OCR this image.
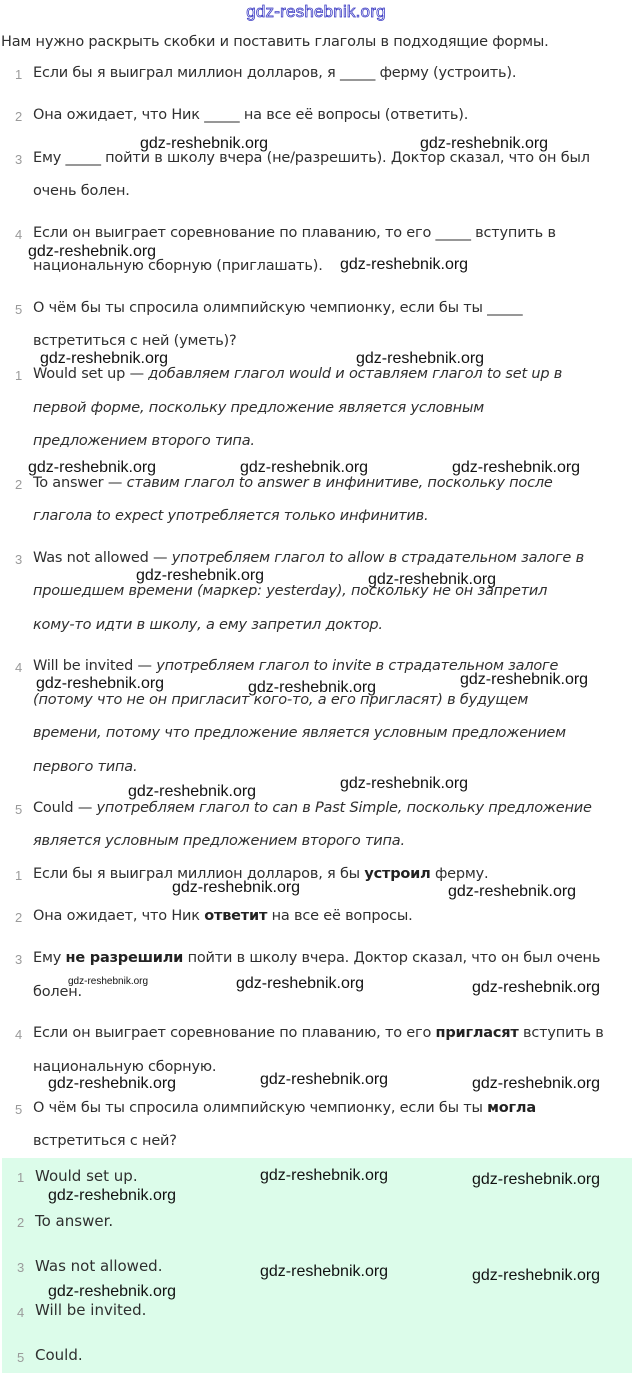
gdz-reshebnik.org
Нам нужно раскрыть скобки и поставить глаголы в подходящие формы.
1 Если бы я выиграл миллион долларов, я _____ ферму (устроить).
2 Она ожидает, что Ник _____ на все её вопросы (ответить).
3 Ему _____ пойти в школу вчера (не/разрешить). Доктор сказал, что он был
очень болен.
4 Если он выиграет соревнование по плаванию, то его _____ вступить в
национальную сборную (приглашать).
5 О чём бы ты спросила олимпийскую чемпионку, если бы ты _____
встретиться с ней (уметь)?
1 Would set up — добавляем глагол would и оставляем глагол to set up в
первой форме, поскольку предложение является условным
предложением второго типа.
2 To answer — ставим глагол to answer в инфинитиве, поскольку после
глагола to expect употребляется только инфинитив.
3 Was not allowed — употребляем глагол to allow в страдательном залоге в
прошедшем времени (маркер: yesterday), поскольку не он запретил
кому-то идти в школу, а ему запретил доктор.
4 Will be invited — употребляем глагол to invite в страдательном залоге
(потому что не он пригласит кого-то, а его пригласят) в будущем
времени, потому что предложение является условным предложением
первого типа.
5 Could — употребляем глагол to can в Past Simple, поскольку предложение
является условным предложением второго типа.
1 Если бы я выиграл миллион долларов, я бы устроил ферму.
2 Она ожидает, что Ник ответит на все её вопросы.
3 Ему не разрешили пойти в школу вчера. Доктор сказал, что он был очень
болен.
4 Если он выиграет соревнование по плаванию, то его пригласят вступить в
национальную сборную.
5 О чём бы ты спросила олимпийскую чемпионку, если бы ты могла
встретиться с ней?
1 Would set up.
2 To answer.
3 Was not allowed.
4 Will be invited.
5 Could.
gdz-reshebnik.org	gdz-reshebnik.org
gdz-reshebnik.org
gdz-reshebnik.org
gdz-reshebnik.org	gdz-reshebnik.org
gdz-reshebnik.org	gdz-reshebnik.org	gdz-reshebnik.org
gdz-reshebnik.org	gdz-reshebnik.org
gdz-reshebnik.org	gdz-reshebnik.org	gdz-reshebnik.org
gdz-reshebnik.org	gdz-reshebnik.org
gdz-reshebnik.org	gdz-reshebnik.org
gdz-reshebnik.org	gdz-reshebnik.org	gdz-reshebnik.org
gdz-reshebnik.org	gdz-reshebnik.org	gdz-reshebnik.org
gdz-reshebnik.org	gdz-reshebnik.org
gdz-reshebnik.org
gdz-reshebnik.org	gdz-reshebnik.org
gdz-reshebnik.org
